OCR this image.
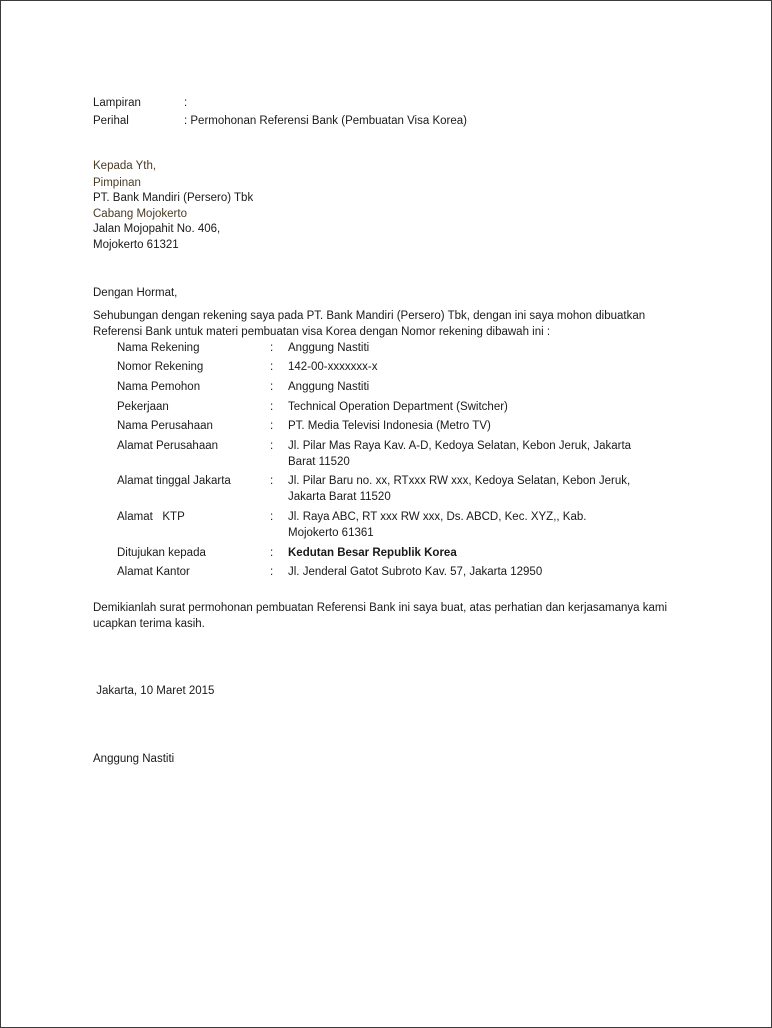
Lampiran	:
Perihal	: Permohonan Referensi Bank (Pembuatan Visa Korea)
Kepada Yth,
Pimpinan
PT. Bank Mandiri (Persero) Tbk
Cabang Mojokerto
Jalan Mojopahit No. 406,
Mojokerto 61321
Dengan Hormat,
Sehubungan dengan rekening saya pada PT. Bank Mandiri (Persero) Tbk, dengan ini saya mohon dibuatkan
Referensi Bank untuk materi pembuatan visa Korea dengan Nomor rekening dibawah ini :
Nama Rekening	: Anggung Nastiti
Nomor Rekening	: 142-00-xxxxxxx-x
Nama Pemohon	: Anggung Nastiti
Pekerjaan	: Technical Operation Department (Switcher)
Nama Perusahaan	: PT. Media Televisi Indonesia (Metro TV)
Alamat Perusahaan	: Jl. Pilar Mas Raya Kav. A-D, Kedoya Selatan, Kebon Jeruk, Jakarta Barat 11520
Alamat tinggal Jakarta	: Jl. Pilar Baru no. xx, RTxxx RW xxx, Kedoya Selatan, Kebon Jeruk, Jakarta Barat 11520
Alamat   KTP	: Jl. Raya ABC, RT xxx RW xxx, Ds. ABCD, Kec. XYZ,, Kab. Mojokerto 61361
Ditujukan kepada	: Kedutan Besar Republik Korea
Alamat Kantor	: Jl. Jenderal Gatot Subroto Kav. 57, Jakarta 12950
Demikianlah surat permohonan pembuatan Referensi Bank ini saya buat, atas perhatian dan kerjasamanya kami
ucapkan terima kasih.
Jakarta, 10 Maret 2015
Anggung Nastiti
